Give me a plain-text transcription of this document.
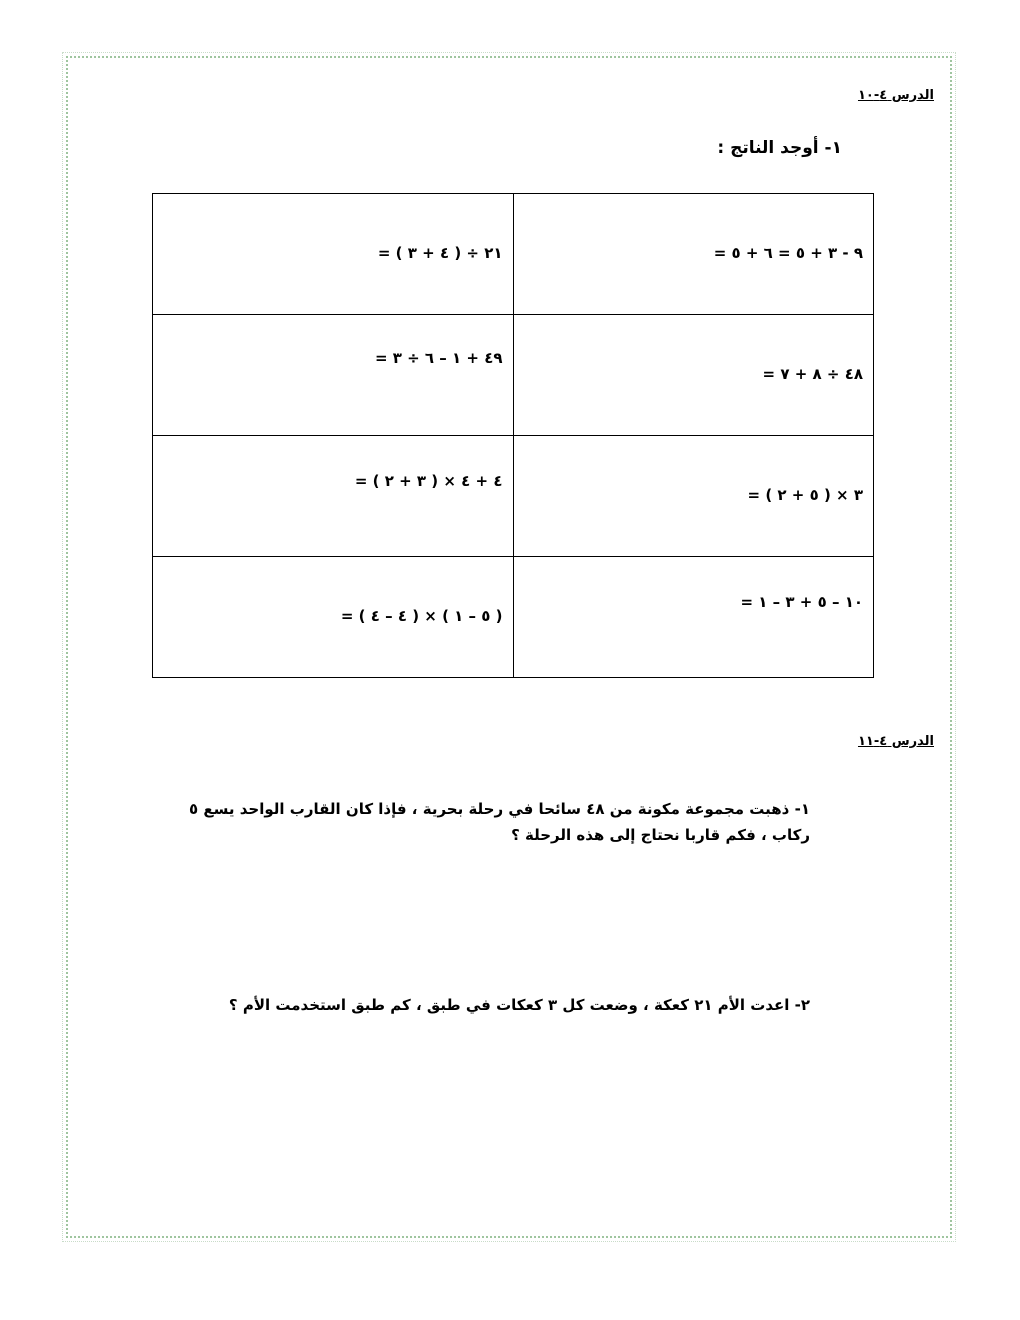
الدرس ٤-١٠
١- أوجد الناتج :
٩ - ٣ + ٥ = ٦ + ٥ =	٢١ ÷ ( ٤ + ٣ ) =

٤٨ ÷ ٨ + ٧ =	٤٩ + ١ – ٦ ÷ ٣ =

٣ × ( ٥ + ٢ ) =	٤ + ٤ × ( ٣ + ٢ ) =

١٠ – ٥ + ٣ – ١ =	( ٥ – ١ ) × ( ٤ – ٤ ) =
الدرس ٤-١١
١- ذهبت مجموعة مكونة من ٤٨ سائحا في رحلة بحرية ، فإذا كان القارب الواحد يسع ٥ ركاب ، فكم قاربا نحتاج إلى هذه الرحلة ؟
٢- اعدت الأم ٢١ كعكة ، وضعت كل ٣ كعكات في طبق ، كم طبق استخدمت الأم ؟
